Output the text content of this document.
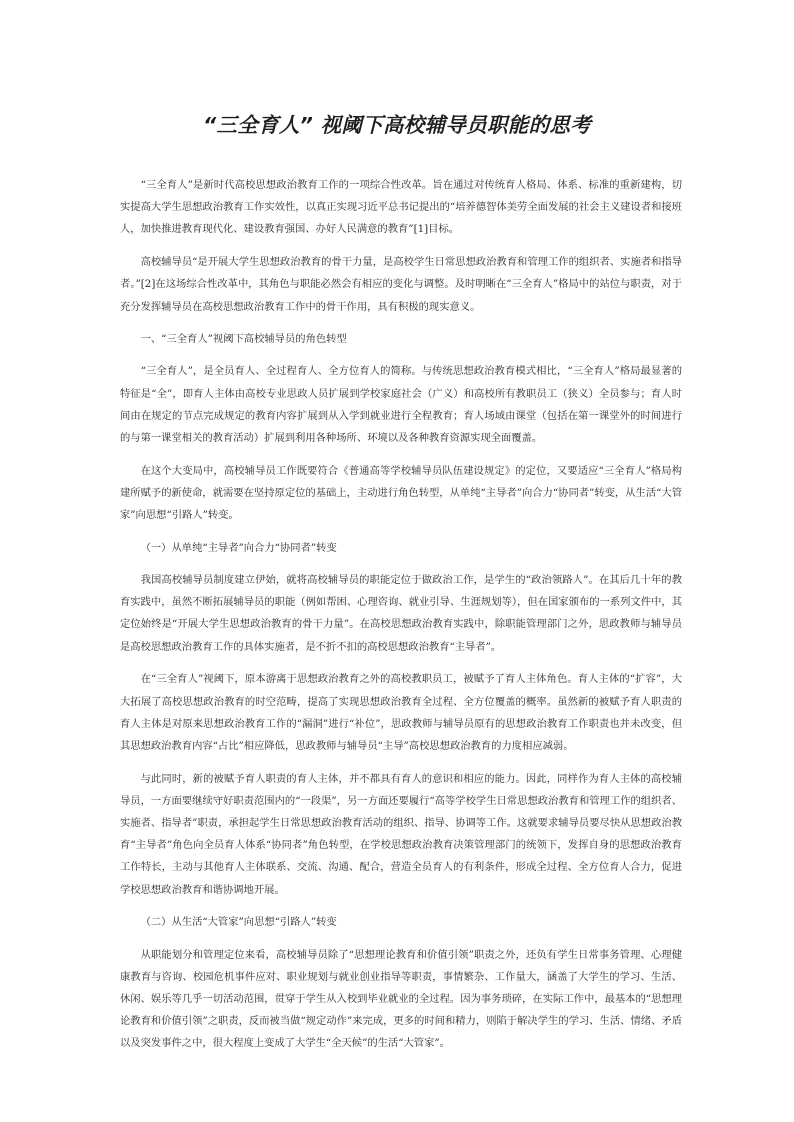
“三全育人” 视阈下高校辅导员职能的思考

“三全育人”是新时代高校思想政治教育工作的一项综合性改革。旨在通过对传统育人格局、体系、标准的重新建构，切实提高大学生思想政治教育工作实效性，以真正实现习近平总书记提出的“培养德智体美劳全面发展的社会主义建设者和接班人，加快推进教育现代化、建设教育强国、办好人民满意的教育”[1]目标。

高校辅导员“是开展大学生思想政治教育的骨干力量，是高校学生日常思想政治教育和管理工作的组织者、实施者和指导者。”[2]在这场综合性改革中，其角色与职能必然会有相应的变化与调整。及时明晰在“三全育人”格局中的站位与职责，对于充分发挥辅导员在高校思想政治教育工作中的骨干作用，具有积极的现实意义。

一、“三全育人”视阈下高校辅导员的角色转型

“三全育人”，是全员育人、全过程育人、全方位育人的简称。与传统思想政治教育模式相比，“三全育人”格局最显著的特征是“全”，即育人主体由高校专业思政人员扩展到学校家庭社会（广义）和高校所有教职员工（狭义）全员参与；育人时间由在规定的节点完成规定的教育内容扩展到从入学到就业进行全程教育；育人场域由课堂（包括在第一课堂外的时间进行的与第一课堂相关的教育活动）扩展到利用各种场所、环境以及各种教育资源实现全面覆盖。

在这个大变局中，高校辅导员工作既要符合《普通高等学校辅导员队伍建设规定》的定位，又要适应“三全育人”格局构建所赋予的新使命，就需要在坚持原定位的基础上，主动进行角色转型，从单纯“主导者”向合力“协同者”转变，从生活“大管家”向思想“引路人”转变。

（一）从单纯“主导者”向合力“协同者”转变

我国高校辅导员制度建立伊始，就将高校辅导员的职能定位于做政治工作，是学生的“政治领路人”。在其后几十年的教育实践中，虽然不断拓展辅导员的职能（例如帮困、心理咨询、就业引导、生涯规划等），但在国家颁布的一系列文件中，其定位始终是“开展大学生思想政治教育的骨干力量”。在高校思想政治教育实践中，除职能管理部门之外，思政教师与辅导员是高校思想政治教育工作的具体实施者，是不折不扣的高校思想政治教育“主导者”。

在“三全育人”视阈下，原本游离于思想政治教育之外的高校教职员工，被赋予了育人主体角色。育人主体的“扩容”，大大拓展了高校思想政治教育的时空范畴，提高了实现思想政治教育全过程、全方位覆盖的概率。虽然新的被赋予育人职责的育人主体是对原来思想政治教育工作的“漏洞”进行“补位”，思政教师与辅导员原有的思想政治教育工作职责也并未改变，但其思想政治教育内容“占比”相应降低，思政教师与辅导员“主导”高校思想政治教育的力度相应减弱。

与此同时，新的被赋予育人职责的育人主体，并不都具有育人的意识和相应的能力。因此，同样作为育人主体的高校辅导员，一方面要继续守好职责范围内的“一段渠”，另一方面还要履行“高等学校学生日常思想政治教育和管理工作的组织者、实施者、指导者”职责，承担起学生日常思想政治教育活动的组织、指导、协调等工作。这就要求辅导员要尽快从思想政治教育“主导者”角色向全员育人体系“协同者”角色转型，在学校思想政治教育决策管理部门的统领下，发挥自身的思想政治教育工作特长，主动与其他育人主体联系、交流、沟通、配合，营造全员育人的有利条件，形成全过程、全方位育人合力，促进学校思想政治教育和谐协调地开展。

（二）从生活“大管家”向思想“引路人”转变

从职能划分和管理定位来看，高校辅导员除了“思想理论教育和价值引领”职责之外，还负有学生日常事务管理、心理健康教育与咨询、校园危机事件应对、职业规划与就业创业指导等职责，事情繁杂、工作量大，涵盖了大学生的学习、生活、休闲、娱乐等几乎一切活动范围，贯穿于学生从入校到毕业就业的全过程。因为事务琐碎，在实际工作中，最基本的“思想理论教育和价值引领”之职责，反而被当做“规定动作”来完成，更多的时间和精力，则陷于解决学生的学习、生活、情绪、矛盾以及突发事件之中，很大程度上变成了大学生“全天候”的生活“大管家”。
